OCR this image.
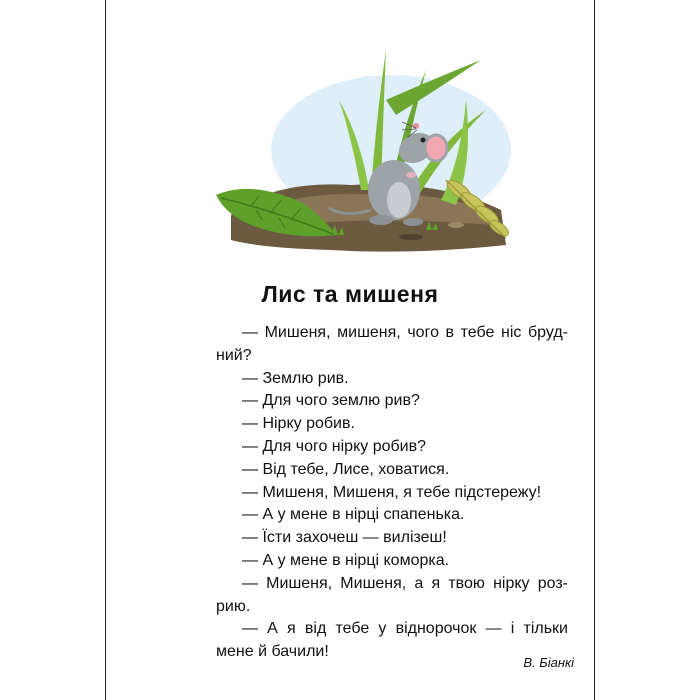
Лис та мишеня
— Мишеня, мишеня, чого в тебе ніс бруд-
ний?
— Землю рив.
— Для чого землю рив?
— Нірку робив.
— Для чого нірку робив?
— Від тебе, Лисе, ховатися.
— Мишеня, Мишеня, я тебе підстережу!
— А у мене в нірці спапенька.
— Їсти захочеш — вилізеш!
— А у мене в нірці коморка.
— Мишеня, Мишеня, а я твою нірку роз-
рию.
— А я від тебе у віднорочок — і тільки
мене й бачили!
В. Біанкі
